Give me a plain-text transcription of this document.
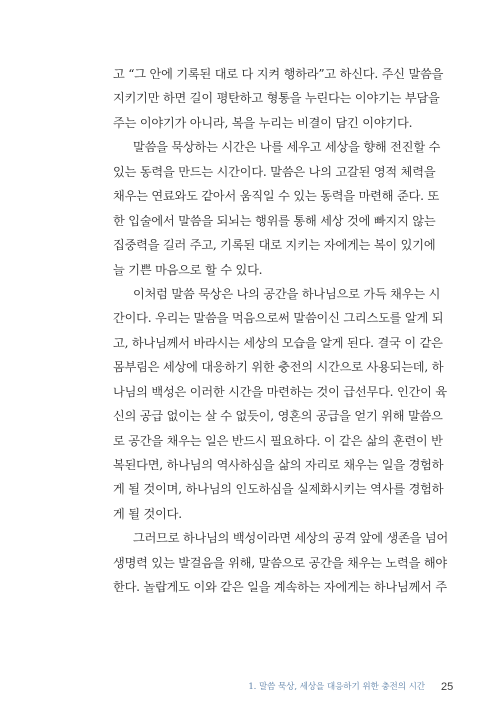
고 “그 안에 기록된 대로 다 지켜 행하라”고 하신다. 주신 말씀을
지키기만 하면 길이 평탄하고 형통을 누린다는 이야기는 부담을
주는 이야기가 아니라, 복을 누리는 비결이 담긴 이야기다.
말씀을 묵상하는 시간은 나를 세우고 세상을 향해 전진할 수
있는 동력을 만드는 시간이다. 말씀은 나의 고갈된 영적 체력을
채우는 연료와도 같아서 움직일 수 있는 동력을 마련해 준다. 또
한 입술에서 말씀을 되뇌는 행위를 통해 세상 것에 빠지지 않는
집중력을 길러 주고, 기록된 대로 지키는 자에게는 복이 있기에
늘 기쁜 마음으로 할 수 있다.
이처럼 말씀 묵상은 나의 공간을 하나님으로 가득 채우는 시
간이다. 우리는 말씀을 먹음으로써 말씀이신 그리스도를 알게 되
고, 하나님께서 바라시는 세상의 모습을 알게 된다. 결국 이 같은
몸부림은 세상에 대응하기 위한 충전의 시간으로 사용되는데, 하
나님의 백성은 이러한 시간을 마련하는 것이 급선무다. 인간이 육
신의 공급 없이는 살 수 없듯이, 영혼의 공급을 얻기 위해 말씀으
로 공간을 채우는 일은 반드시 필요하다. 이 같은 삶의 훈련이 반
복된다면, 하나님의 역사하심을 삶의 자리로 채우는 일을 경험하
게 될 것이며, 하나님의 인도하심을 실제화시키는 역사를 경험하
게 될 것이다.
그러므로 하나님의 백성이라면 세상의 공격 앞에 생존을 넘어
생명력 있는 발걸음을 위해, 말씀으로 공간을 채우는 노력을 해야
한다. 놀랍게도 이와 같은 일을 계속하는 자에게는 하나님께서 주
1. 말씀 묵상, 세상을 대응하기 위한 충전의 시간 25
